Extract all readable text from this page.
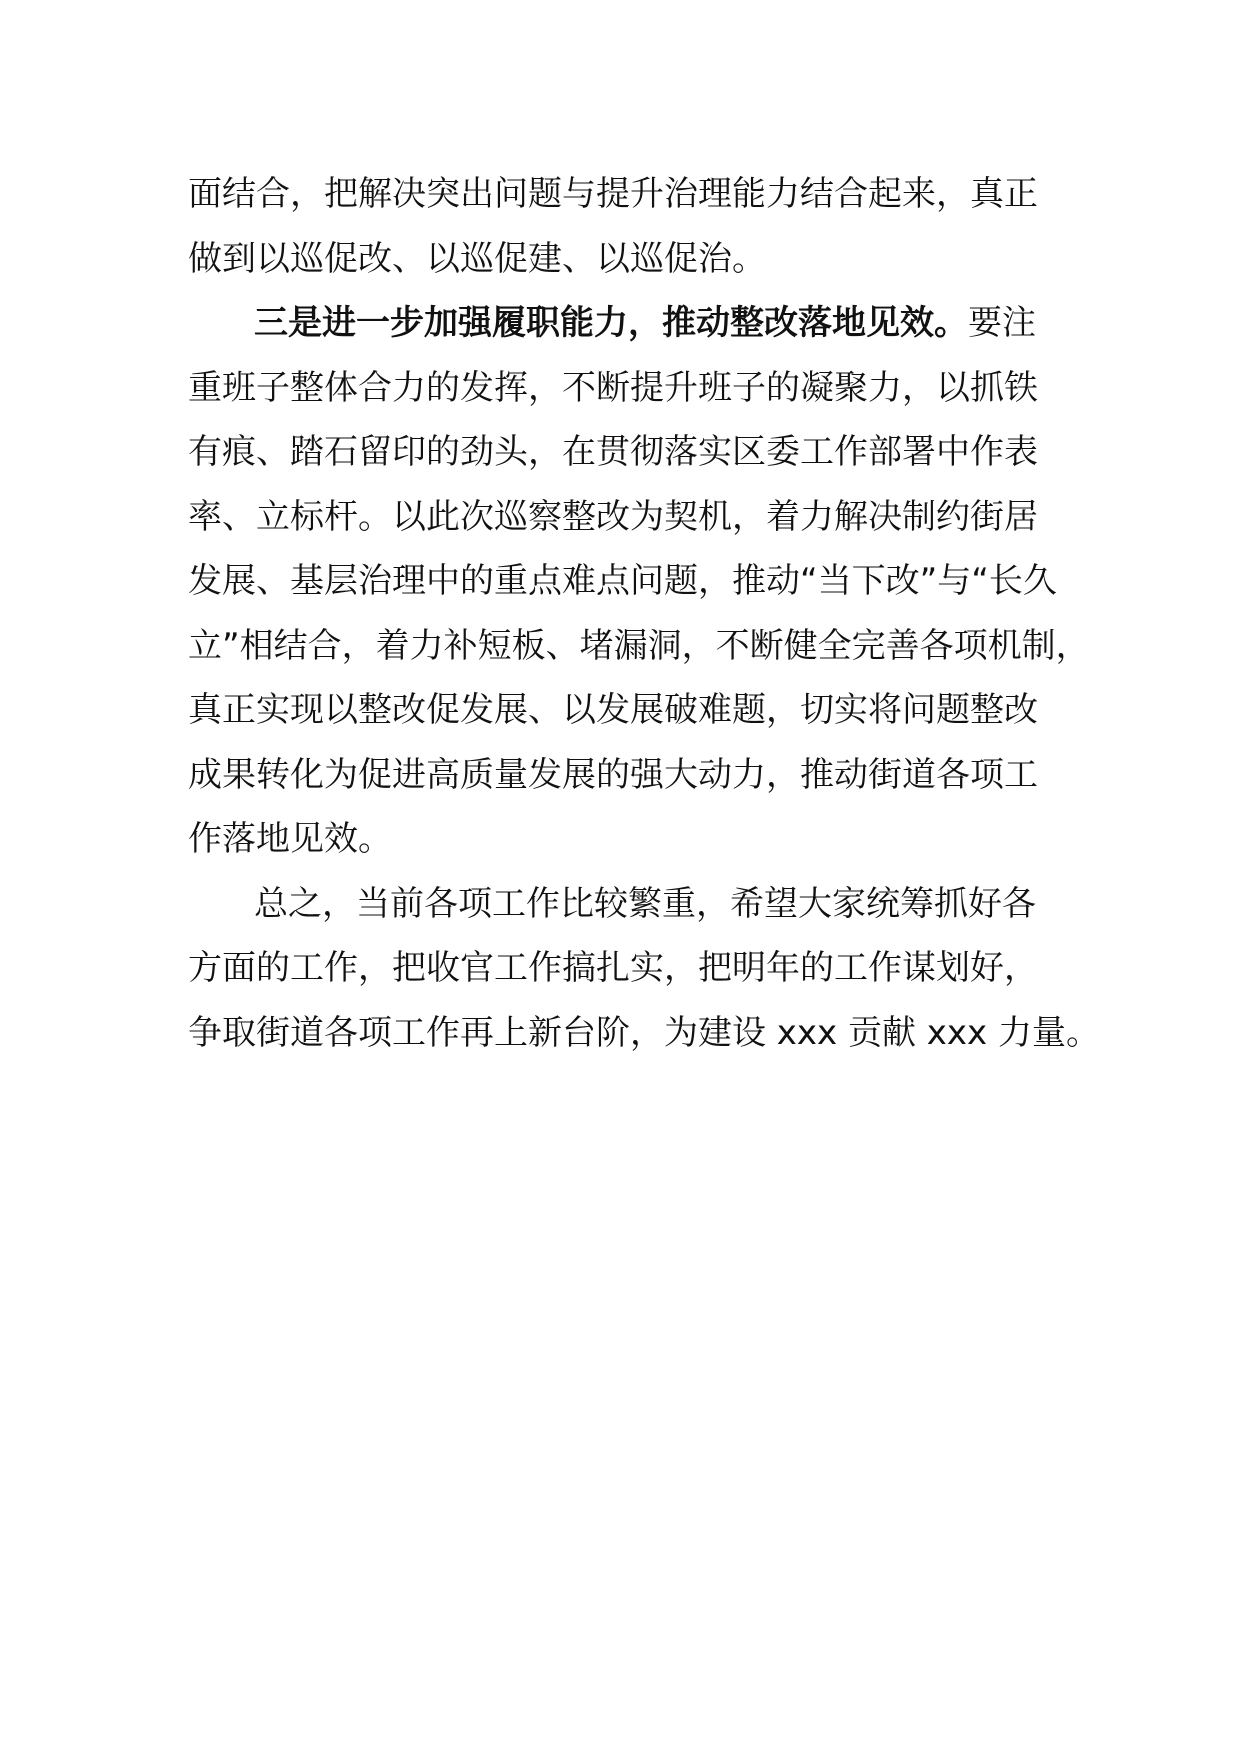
面结合，把解决突出问题与提升治理能力结合起来，真正
做到以巡促改、以巡促建、以巡促治。
三是进一步加强履职能力，推动整改落地见效。要注
重班子整体合力的发挥，不断提升班子的凝聚力，以抓铁
有痕、踏石留印的劲头，在贯彻落实区委工作部署中作表
率、立标杆。以此次巡察整改为契机，着力解决制约街居
发展、基层治理中的重点难点问题，推动“当下改”与“长久
立”相结合，着力补短板、堵漏洞，不断健全完善各项机制，
真正实现以整改促发展、以发展破难题，切实将问题整改
成果转化为促进高质量发展的强大动力，推动街道各项工
作落地见效。
总之，当前各项工作比较繁重，希望大家统筹抓好各
方面的工作，把收官工作搞扎实，把明年的工作谋划好，
争取街道各项工作再上新台阶，为建设 xxx 贡献 xxx 力量。
